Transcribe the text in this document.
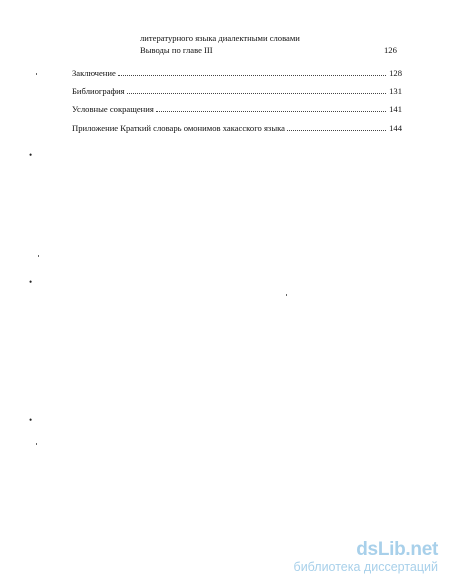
литературного языка диалектными словами
Выводы по главе III	126
Заключение	128
Библиография	131
Условные сокращения	141
Приложение Краткий словарь омонимов хакасского языка	144
•
•
•
dsLib.net
библиотека диссертаций
